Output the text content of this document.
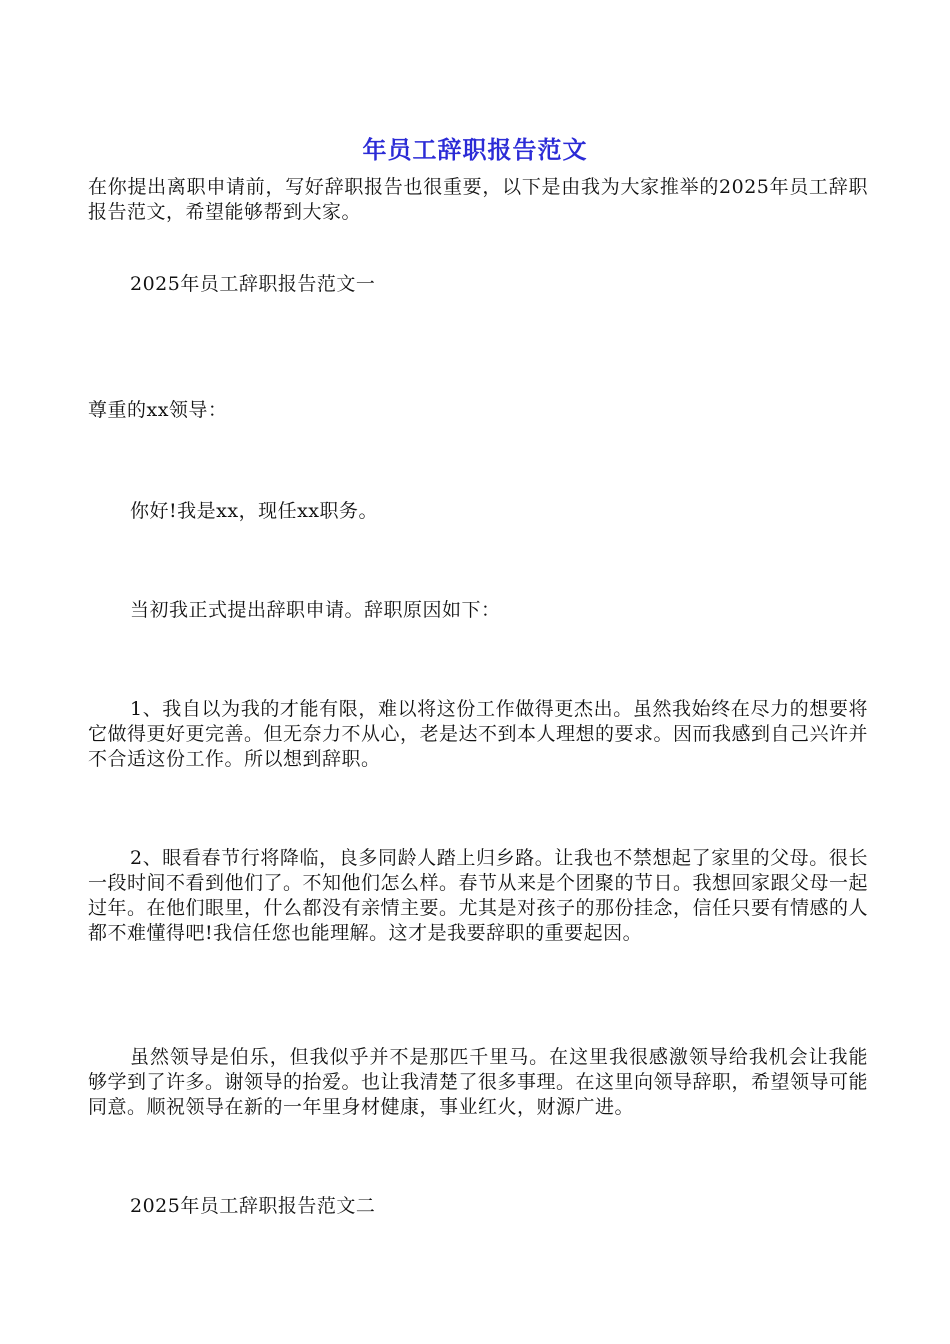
年员工辞职报告范文

在你提出离职申请前，写好辞职报告也很重要，以下是由我为大家推举的2025年员工辞职报告范文，希望能够帮到大家。

2025年员工辞职报告范文一

尊重的xx领导：

你好!我是xx，现任xx职务。

当初我正式提出辞职申请。辞职原因如下：

1、我自以为我的才能有限，难以将这份工作做得更杰出。虽然我始终在尽力的想要将它做得更好更完善。但无奈力不从心，老是达不到本人理想的要求。因而我感到自己兴许并不合适这份工作。所以想到辞职。

2、眼看春节行将降临，良多同龄人踏上归乡路。让我也不禁想起了家里的父母。很长一段时间不看到他们了。不知他们怎么样。春节从来是个团聚的节日。我想回家跟父母一起过年。在他们眼里，什么都没有亲情主要。尤其是对孩子的那份挂念，信任只要有情感的人都不难懂得吧!我信任您也能理解。这才是我要辞职的重要起因。

虽然领导是伯乐，但我似乎并不是那匹千里马。在这里我很感激领导给我机会让我能够学到了许多。谢领导的抬爱。也让我清楚了很多事理。在这里向领导辞职，希望领导可能同意。顺祝领导在新的一年里身材健康，事业红火，财源广进。

2025年员工辞职报告范文二
